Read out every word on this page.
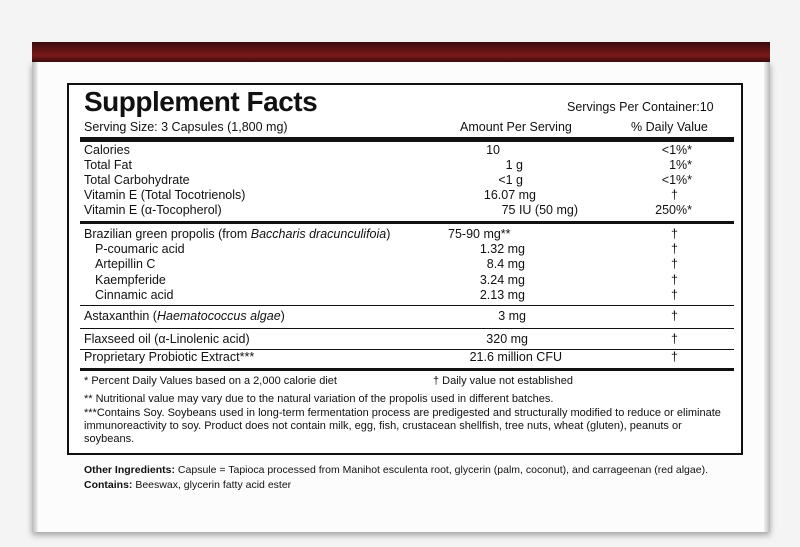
Supplement Facts	Servings Per Container:10
Serving Size: 3 Capsules (1,800 mg)	Amount Per Serving	% Daily Value
Calories	10	<1%*
Total Fat	1 g	1%*
Total Carbohydrate	<1 g	<1%*
Vitamin E (Total Tocotrienols)	16.07 mg	†
Vitamin E (α-Tocopherol)	75 IU (50 mg)	250%*
Brazilian green propolis (from Baccharis dracunculifoia)	75-90 mg**	†
P-coumaric acid	1.32 mg	†
Artepillin C	8.4 mg	†
Kaempferide	3.24 mg	†
Cinnamic acid	2.13 mg	†
Astaxanthin (Haematococcus algae)	3 mg	†
Flaxseed oil (α-Linolenic acid)	320 mg	†
Proprietary Probiotic Extract***	21.6 million CFU	†
* Percent Daily Values based on a 2,000 calorie diet	† Daily value not established
** Nutritional value may vary due to the natural variation of the propolis used in different batches.
***Contains Soy. Soybeans used in long-term fermentation process are predigested and structurally modified to reduce or eliminate immunoreactivity to soy. Product does not contain milk, egg, fish, crustacean shellfish, tree nuts, wheat (gluten), peanuts or soybeans.
Other Ingredients: Capsule = Tapioca processed from Manihot esculenta root, glycerin (palm, coconut), and carrageenan (red algae).
Contains: Beeswax, glycerin fatty acid ester
